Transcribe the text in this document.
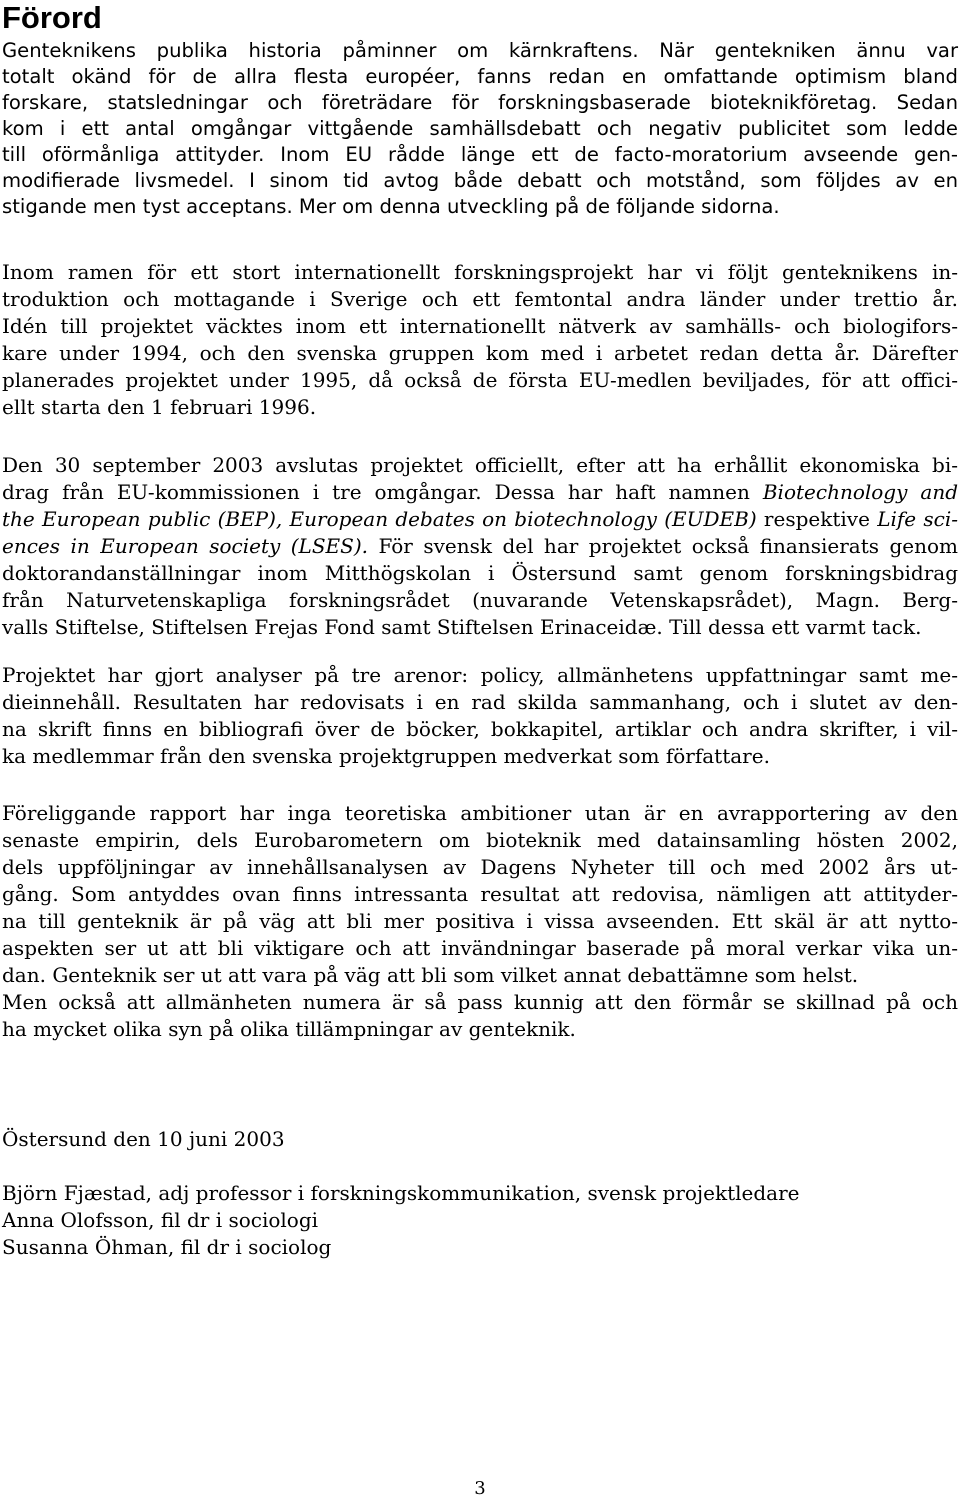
Förord
Genteknikens publika historia påminner om kärnkraftens. När gentekniken ännu var
totalt okänd för de allra flesta européer, fanns redan en omfattande optimism bland
forskare, statsledningar och företrädare för forskningsbaserade bioteknikföretag. Sedan
kom i ett antal omgångar vittgående samhällsdebatt och negativ publicitet som ledde
till oförmånliga attityder. Inom EU rådde länge ett de facto-moratorium avseende gen-
modifierade livsmedel. I sinom tid avtog både debatt och motstånd, som följdes av en
stigande men tyst acceptans. Mer om denna utveckling på de följande sidorna.
Inom ramen för ett stort internationellt forskningsprojekt har vi följt genteknikens in-
troduktion och mottagande i Sverige och ett femtontal andra länder under trettio år.
Idén till projektet väcktes inom ett internationellt nätverk av samhälls- och biologifors-
kare under 1994, och den svenska gruppen kom med i arbetet redan detta år. Därefter
planerades projektet under 1995, då också de första EU-medlen beviljades, för att offici-
ellt starta den 1 februari 1996.
Den 30 september 2003 avslutas projektet officiellt, efter att ha erhållit ekonomiska bi-
drag från EU-kommissionen i tre omgångar. Dessa har haft namnen Biotechnology and
the European public (BEP), European debates on biotechnology (EUDEB) respektive Life sci-
ences in European society (LSES). För svensk del har projektet också finansierats genom
doktorandanställningar inom Mitthögskolan i Östersund samt genom forskningsbidrag
från Naturvetenskapliga forskningsrådet (nuvarande Vetenskapsrådet), Magn. Berg-
valls Stiftelse, Stiftelsen Frejas Fond samt Stiftelsen Erinaceidæ. Till dessa ett varmt tack.
Projektet har gjort analyser på tre arenor: policy, allmänhetens uppfattningar samt me-
dieinnehåll. Resultaten har redovisats i en rad skilda sammanhang, och i slutet av den-
na skrift finns en bibliografi över de böcker, bokkapitel, artiklar och andra skrifter, i vil-
ka medlemmar från den svenska projektgruppen medverkat som författare.
Föreliggande rapport har inga teoretiska ambitioner utan är en avrapportering av den
senaste empirin, dels Eurobarometern om bioteknik med datainsamling hösten 2002,
dels uppföljningar av innehållsanalysen av Dagens Nyheter till och med 2002 års ut-
gång. Som antyddes ovan finns intressanta resultat att redovisa, nämligen att attityder-
na till genteknik är på väg att bli mer positiva i vissa avseenden. Ett skäl är att nytto-
aspekten ser ut att bli viktigare och att invändningar baserade på moral verkar vika un-
dan. Genteknik ser ut att vara på väg att bli som vilket annat debattämne som helst.
Men också att allmänheten numera är så pass kunnig att den förmår se skillnad på och
ha mycket olika syn på olika tillämpningar av genteknik.
Östersund den 10 juni 2003
Björn Fjæstad, adj professor i forskningskommunikation, svensk projektledare
Anna Olofsson, fil dr i sociologi
Susanna Öhman, fil dr i sociolog
3
